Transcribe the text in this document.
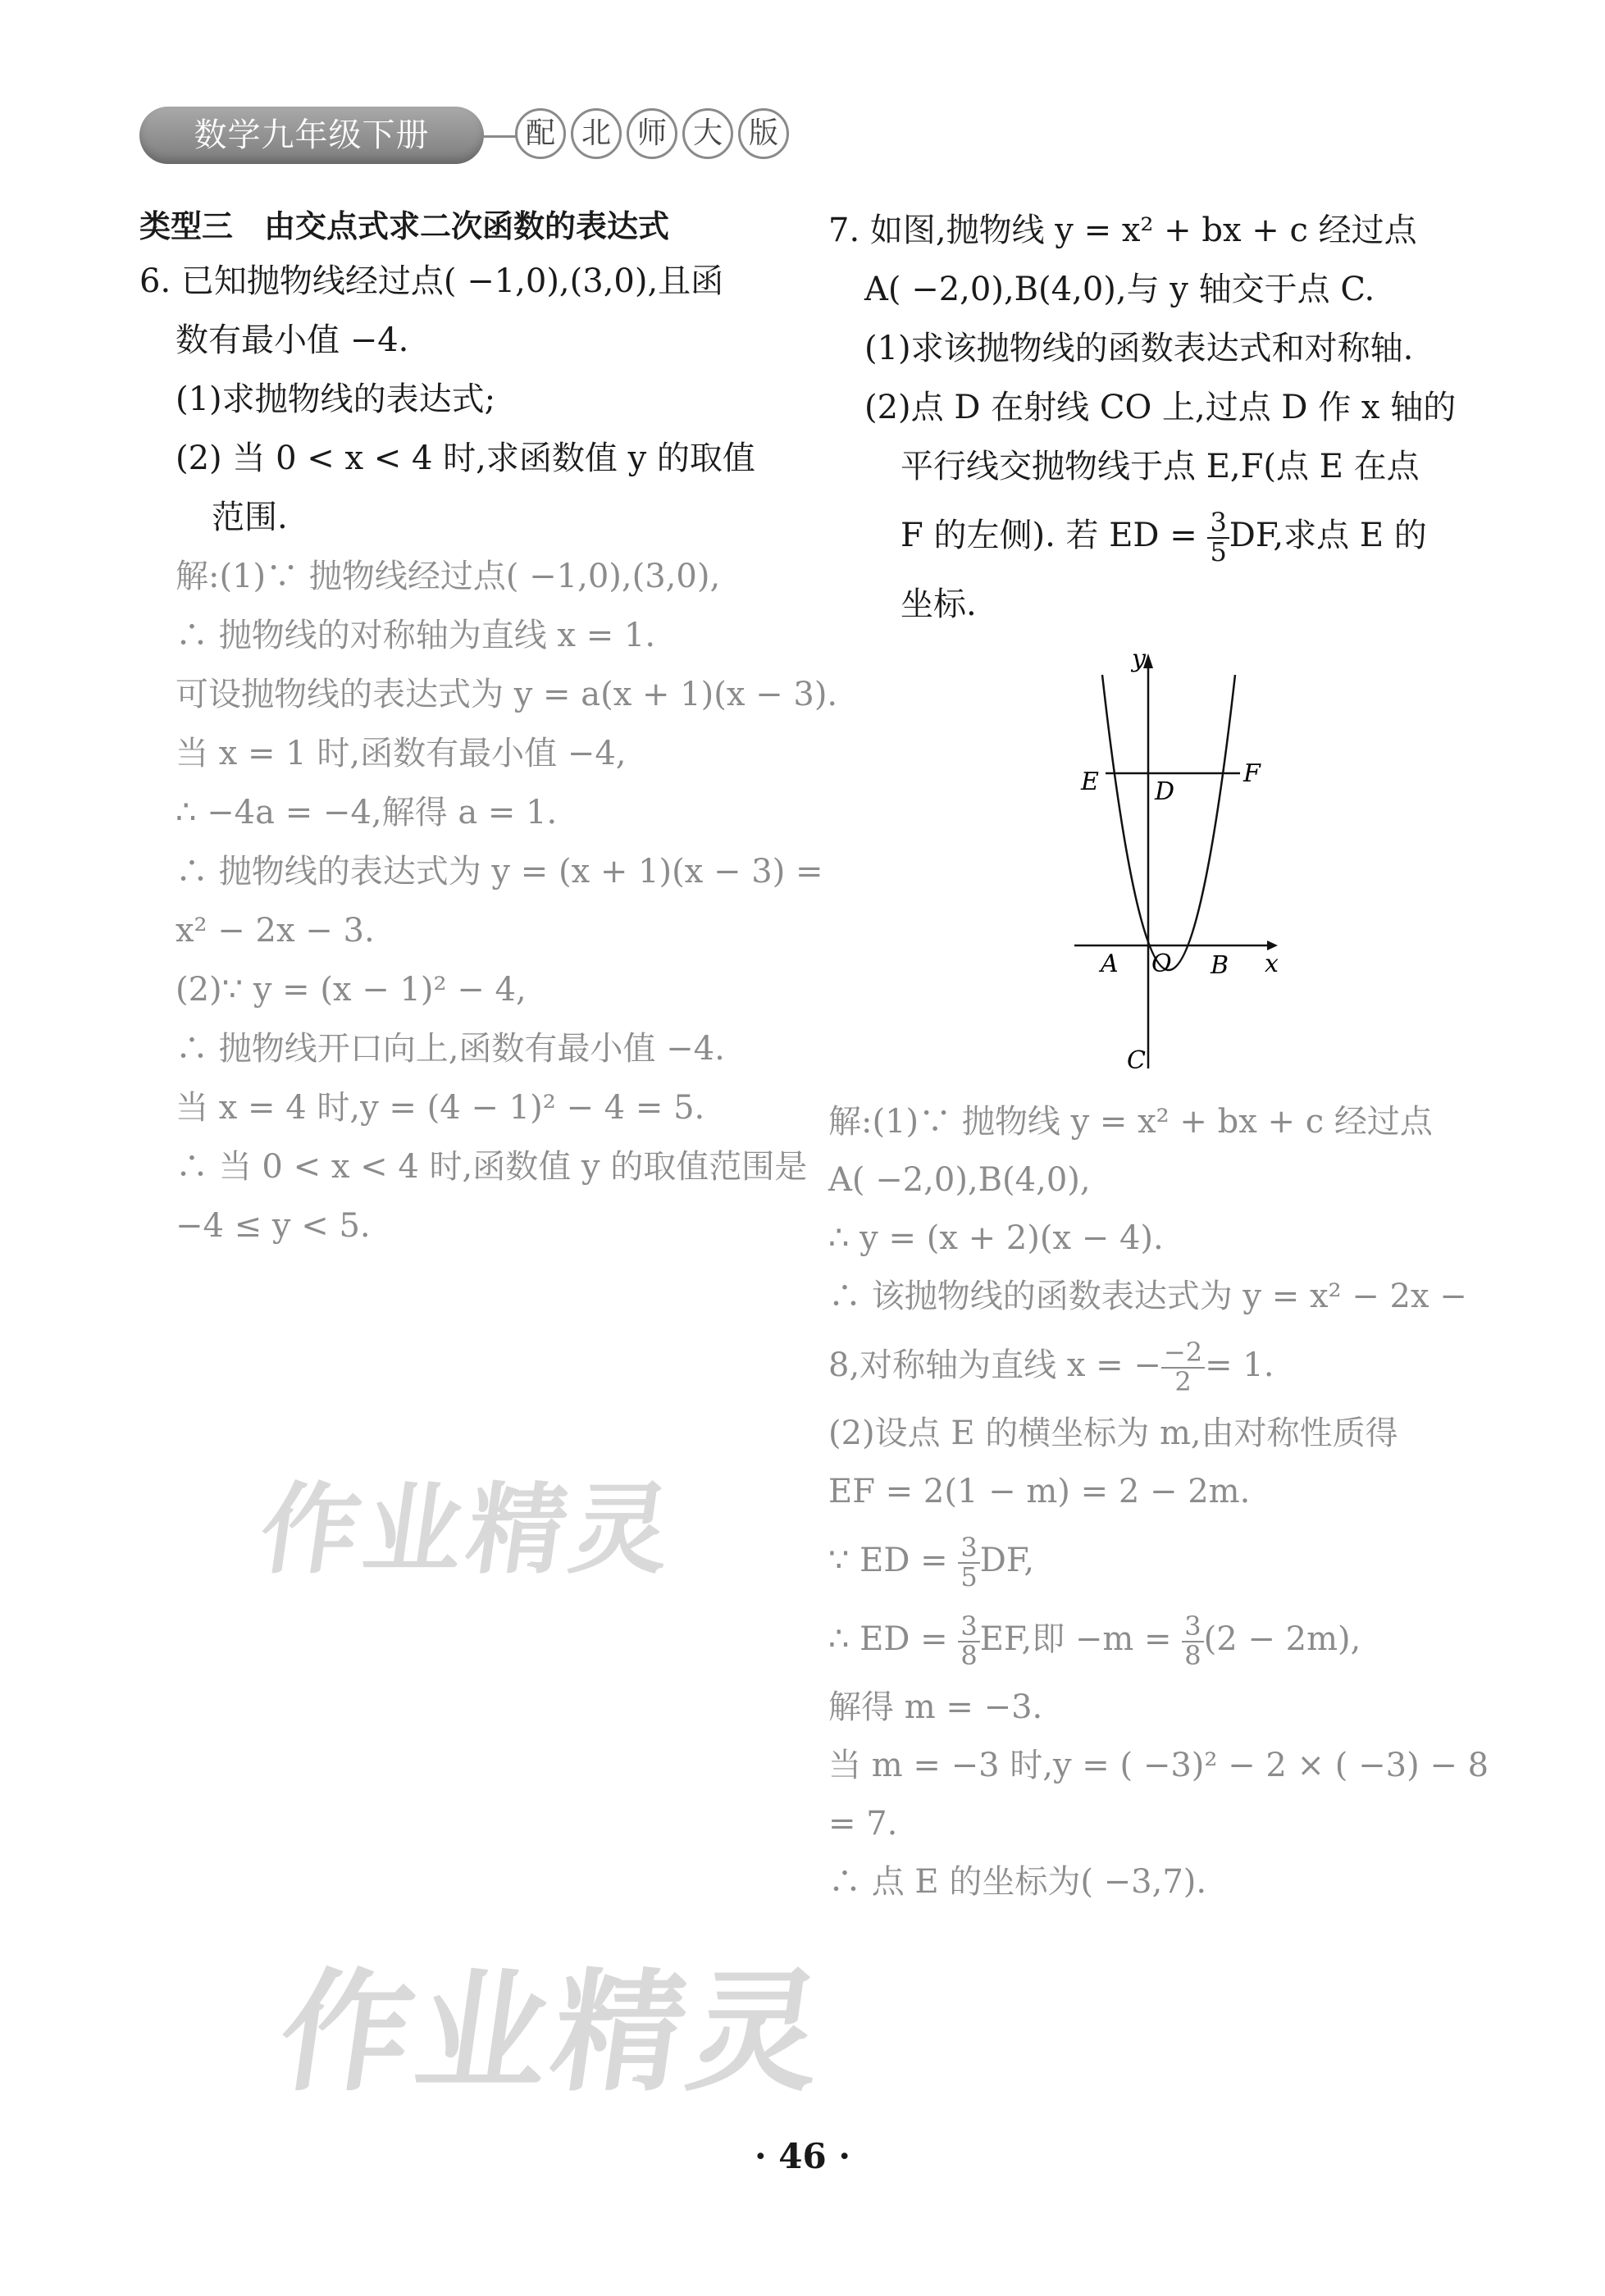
数学九年级下册	配 北 师 大 版
类型三　由交点式求二次函数的表达式
6. 已知抛物线经过点( −1,0),(3,0),且函
数有最小值 −4.
(1)求抛物线的表达式;
(2) 当 0 < x < 4 时,求函数值 y 的取值
范围.
解:(1)∵ 抛物线经过点( −1,0),(3,0),
∴ 抛物线的对称轴为直线 x = 1.
可设抛物线的表达式为 y = a(x + 1)(x − 3).
当 x = 1 时,函数有最小值 −4,
∴ −4a = −4,解得 a = 1.
∴ 抛物线的表达式为 y = (x + 1)(x − 3) =
x² − 2x − 3.
(2)∵ y = (x − 1)² − 4,
∴ 抛物线开口向上,函数有最小值 −4.
当 x = 4 时,y = (4 − 1)² − 4 = 5.
∴ 当 0 < x < 4 时,函数值 y 的取值范围是
−4 ≤ y < 5.
7. 如图,抛物线 y = x² + bx + c 经过点
A( −2,0),B(4,0),与 y 轴交于点 C.
(1)求该抛物线的函数表达式和对称轴.
(2)点 D 在射线 CO 上,过点 D 作 x 轴的
平行线交抛物线于点 E,F(点 E 在点
F 的左侧). 若 ED = $\frac{3}{5}$ DF,求点 E 的
坐标.
y
x
E	F
D
A O B
C
解:(1)∵ 抛物线 y = x² + bx + c 经过点
A( −2,0),B(4,0),
∴ y = (x + 2)(x − 4).
∴ 该抛物线的函数表达式为 y = x² − 2x −
8,对称轴为直线 x = − $\frac{-2}{2} = 1$.
(2)设点 E 的横坐标为 m,由对称性质得
EF = 2(1 − m) = 2 − 2m.
∵ ED = $\frac{3}{5}$ DF,
∴ ED = $\frac{3}{8}$ EF,即 $-m = \frac{3}{8} (2 - 2m)$,
解得 m = −3.
当 m = −3 时,y = ( −3)² − 2 × ( −3) − 8
= 7.
∴ 点 E 的坐标为( −3,7).
作业精灵
作业精灵
· 46 ·
